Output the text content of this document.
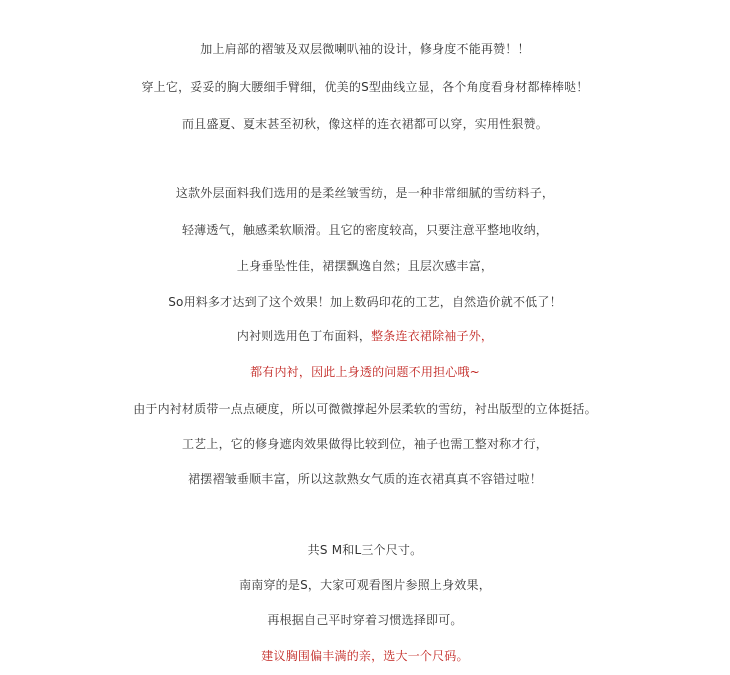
加上肩部的褶皱及双层微喇叭袖的设计，修身度不能再赞！！
穿上它，妥妥的胸大腰细手臂细，优美的S型曲线立显，各个角度看身材都棒棒哒！
而且盛夏、夏末甚至初秋，像这样的连衣裙都可以穿，实用性狠赞。
这款外层面料我们选用的是柔丝皱雪纺，是一种非常细腻的雪纺料子，
轻薄透气，触感柔软顺滑。且它的密度较高，只要注意平整地收纳，
上身垂坠性佳，裙摆飘逸自然；且层次感丰富，
So用料多才达到了这个效果！加上数码印花的工艺，自然造价就不低了！
内衬则选用色丁布面料，整条连衣裙除袖子外，
都有内衬，因此上身透的问题不用担心哦~
由于内衬材质带一点点硬度，所以可微微撑起外层柔软的雪纺，衬出版型的立体挺括。
工艺上，它的修身遮肉效果做得比较到位，袖子也需工整对称才行，
裙摆褶皱垂顺丰富，所以这款熟女气质的连衣裙真真不容错过啦！
共S M和L三个尺寸。
南南穿的是S，大家可观看图片参照上身效果，
再根据自己平时穿着习惯选择即可。
建议胸围偏丰满的亲，选大一个尺码。
